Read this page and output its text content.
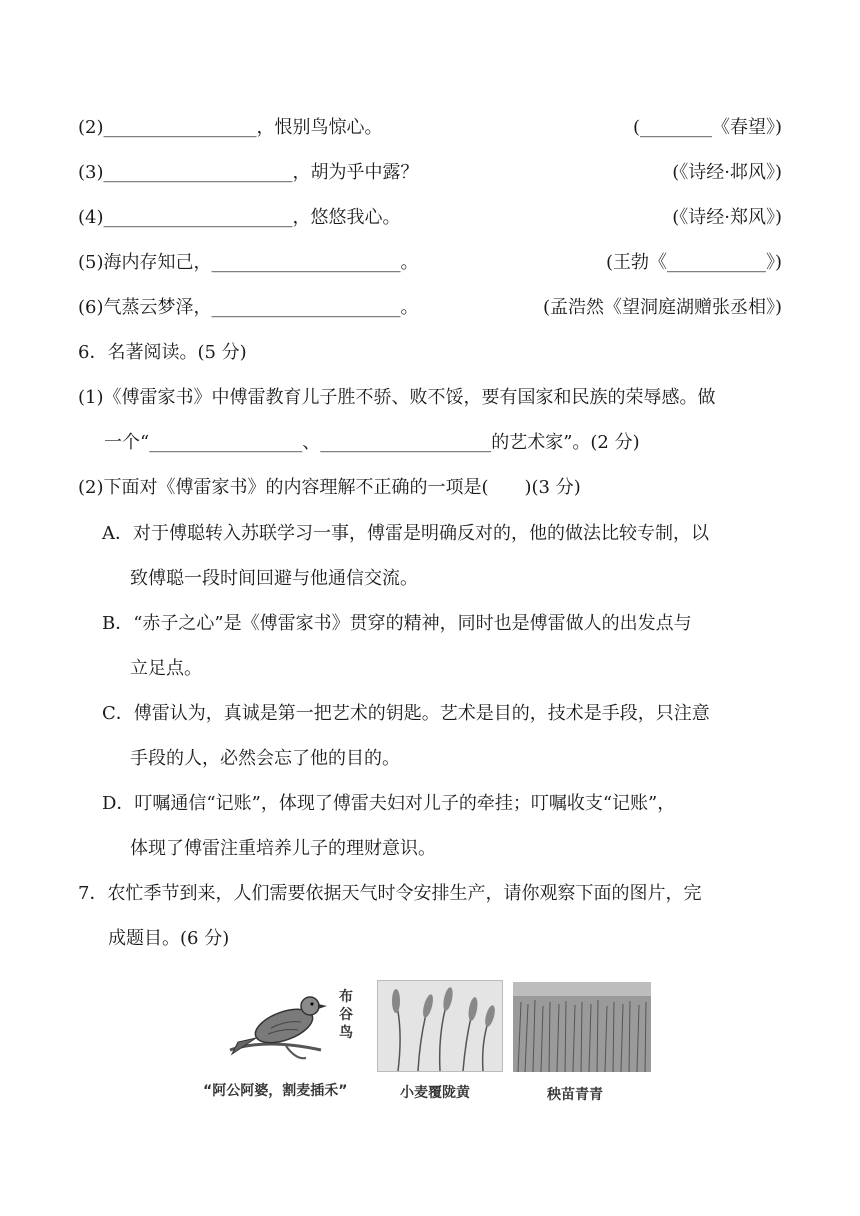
(2)_________________，恨别鸟惊心。	(________《春望》)
(3)_____________________，胡为乎中露？	(《诗经·邶风》)
(4)_____________________，悠悠我心。	(《诗经·郑风》)
(5)海内存知己，_____________________。	(王勃《___________》)
(6)气蒸云梦泽，_____________________。	(孟浩然《望洞庭湖赠张丞相》)
6．名著阅读。(5 分)
(1)《傅雷家书》中傅雷教育儿子胜不骄、败不馁，要有国家和民族的荣辱感。做
一个“_________________、___________________的艺术家”。(2 分)
(2)下面对《傅雷家书》的内容理解不正确的一项是(　　)(3 分)
A．对于傅聪转入苏联学习一事，傅雷是明确反对的，他的做法比较专制，以
致傅聪一段时间回避与他通信交流。
B．“赤子之心”是《傅雷家书》贯穿的精神，同时也是傅雷做人的出发点与
立足点。
C．傅雷认为，真诚是第一把艺术的钥匙。艺术是目的，技术是手段，只注意
手段的人，必然会忘了他的目的。
D．叮嘱通信“记账”，体现了傅雷夫妇对儿子的牵挂；叮嘱收支“记账”，
体现了傅雷注重培养儿子的理财意识。
7．农忙季节到来，人们需要依据天气时令安排生产，请你观察下面的图片，完
成题目。(6 分)
布谷鸟
“阿公阿婆，割麦插禾”	小麦覆陇黄	秧苗青青
